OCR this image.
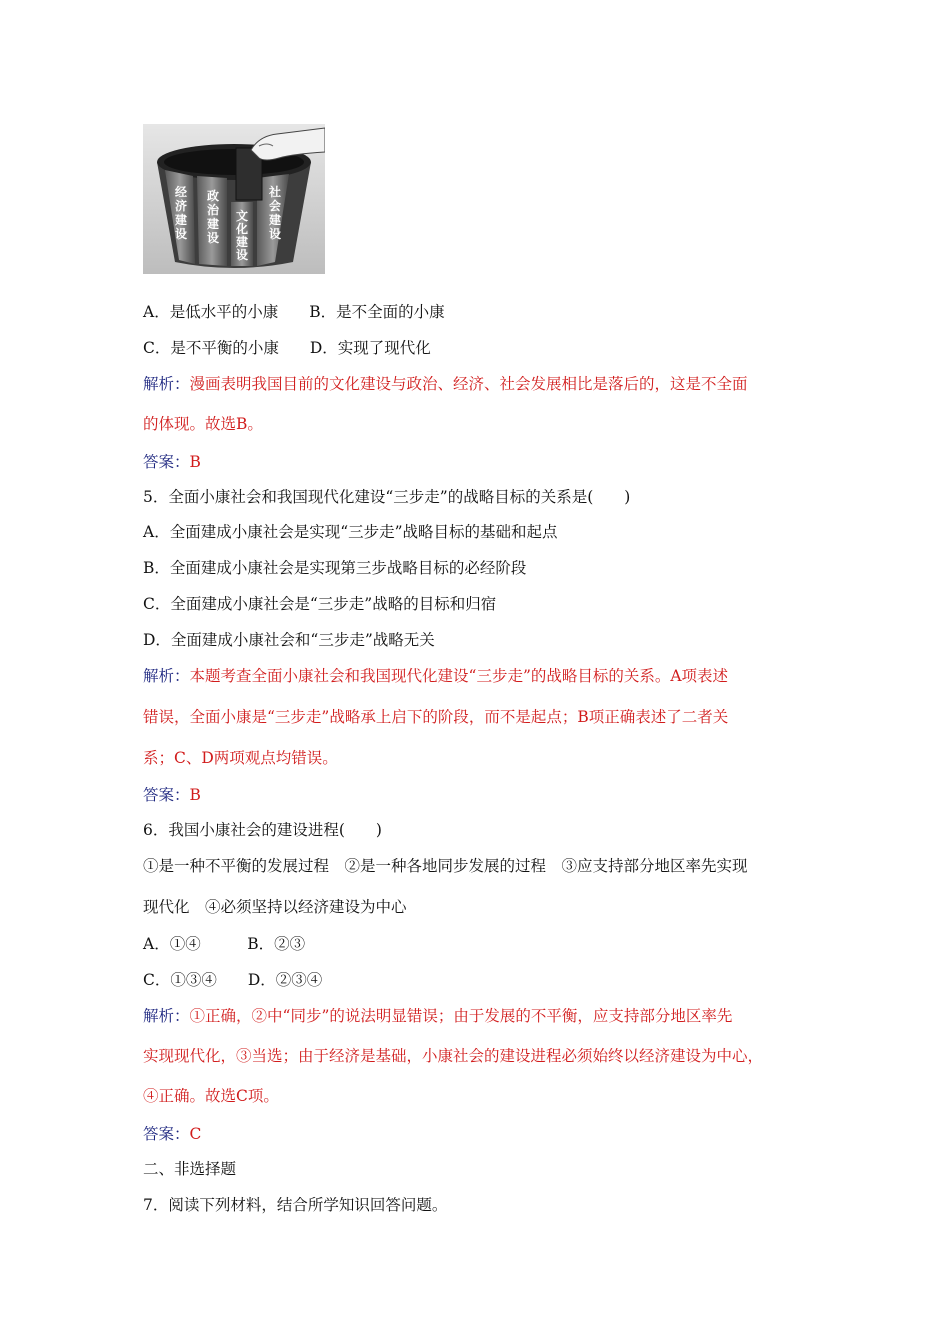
经济建设
政治建设
文化建设
社会建设
A．是低水平的小康　　B．是不全面的小康
C．是不平衡的小康　　D．实现了现代化
解析：漫画表明我国目前的文化建设与政治、经济、社会发展相比是落后的，这是不全面
的体现。故选B。
答案：B
5．全面小康社会和我国现代化建设“三步走”的战略目标的关系是(　　)
A．全面建成小康社会是实现“三步走”战略目标的基础和起点
B．全面建成小康社会是实现第三步战略目标的必经阶段
C．全面建成小康社会是“三步走”战略的目标和归宿
D．全面建成小康社会和“三步走”战略无关
解析：本题考查全面小康社会和我国现代化建设“三步走”的战略目标的关系。A项表述
错误，全面小康是“三步走”战略承上启下的阶段，而不是起点；B项正确表述了二者关
系；C、D两项观点均错误。
答案：B
6．我国小康社会的建设进程(　　)
①是一种不平衡的发展过程　②是一种各地同步发展的过程　③应支持部分地区率先实现
现代化　④必须坚持以经济建设为中心
A．①④　　　B．②③
C．①③④　　D．②③④
解析：①正确，②中“同步”的说法明显错误；由于发展的不平衡，应支持部分地区率先
实现现代化，③当选；由于经济是基础，小康社会的建设进程必须始终以经济建设为中心，
④正确。故选C项。
答案：C
二、非选择题
7．阅读下列材料，结合所学知识回答问题。
